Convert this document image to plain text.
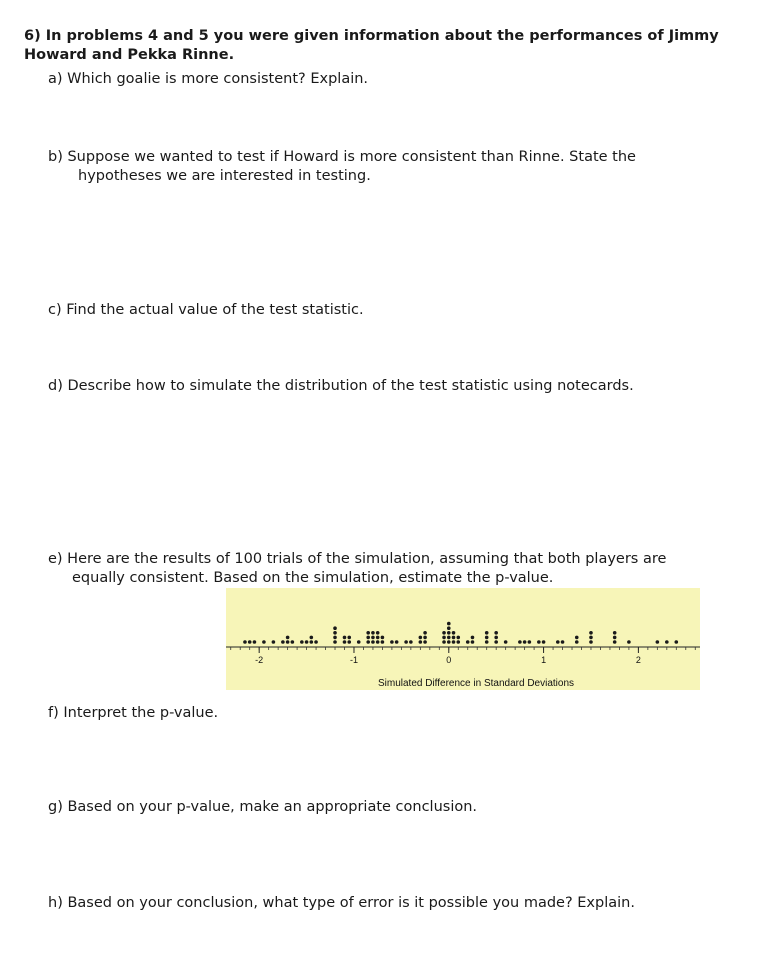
6) In problems 4 and 5 you were given information about the performances of Jimmy
Howard and Pekka Rinne.
a) Which goalie is more consistent? Explain.
b) Suppose we wanted to test if Howard is more consistent than Rinne. State the
hypotheses we are interested in testing.
c) Find the actual value of the test statistic.
d) Describe how to simulate the distribution of the test statistic using notecards.
e) Here are the results of 100 trials of the simulation, assuming that both players are
equally consistent. Based on the simulation, estimate the p-value.
-2	-1	0	1	2
Simulated Difference in Standard Deviations
f) Interpret the p-value.
g) Based on your p-value, make an appropriate conclusion.
h) Based on your conclusion, what type of error is it possible you made? Explain.
